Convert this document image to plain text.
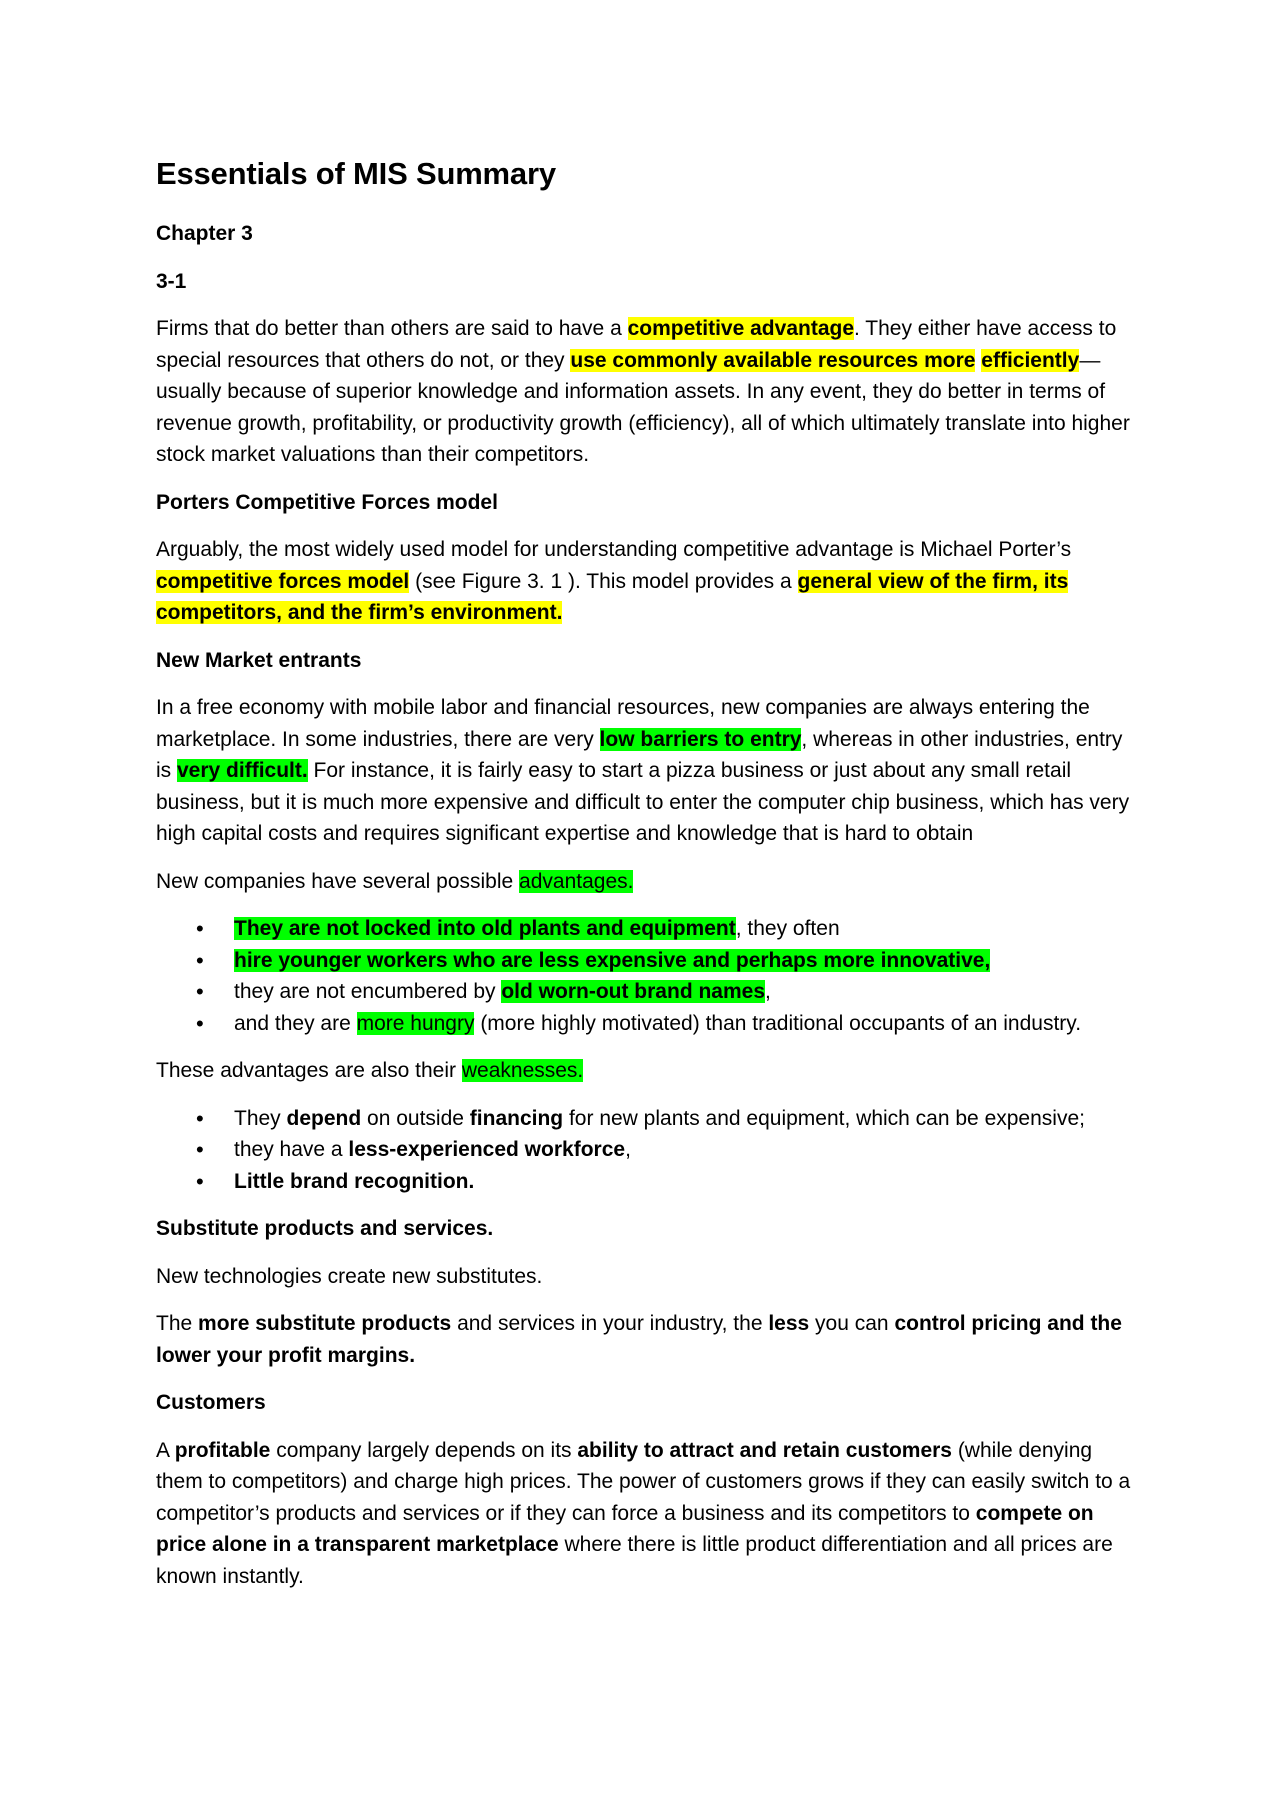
Essentials of MIS Summary
Chapter 3
3-1

Firms that do better than others are said to have a competitive advantage. They either have access to special resources that others do not, or they use commonly available resources more efficiently—usually because of superior knowledge and information assets. In any event, they do better in terms of revenue growth, profitability, or productivity growth (efficiency), all of which ultimately translate into higher stock market valuations than their competitors.

Porters Competitive Forces model

Arguably, the most widely used model for understanding competitive advantage is Michael Porter’s competitive forces model (see Figure 3. 1 ). This model provides a general view of the firm, its competitors, and the firm’s environment.

New Market entrants

In a free economy with mobile labor and financial resources, new companies are always entering the marketplace. In some industries, there are very low barriers to entry, whereas in other industries, entry is very difficult. For instance, it is fairly easy to start a pizza business or just about any small retail business, but it is much more expensive and difficult to enter the computer chip business, which has very high capital costs and requires significant expertise and knowledge that is hard to obtain

New companies have several possible advantages.

• They are not locked into old plants and equipment, they often
• hire younger workers who are less expensive and perhaps more innovative,
• they are not encumbered by old worn-out brand names,
• and they are more hungry (more highly motivated) than traditional occupants of an industry.

These advantages are also their weaknesses.

• They depend on outside financing for new plants and equipment, which can be expensive;
• they have a less-experienced workforce,
• Little brand recognition.
Substitute products and services.

New technologies create new substitutes.

The more substitute products and services in your industry, the less you can control pricing and the lower your profit margins.

Customers

A profitable company largely depends on its ability to attract and retain customers (while denying them to competitors) and charge high prices. The power of customers grows if they can easily switch to a competitor’s products and services or if they can force a business and its competitors to compete on price alone in a transparent marketplace where there is little product differentiation and all prices are known instantly.
